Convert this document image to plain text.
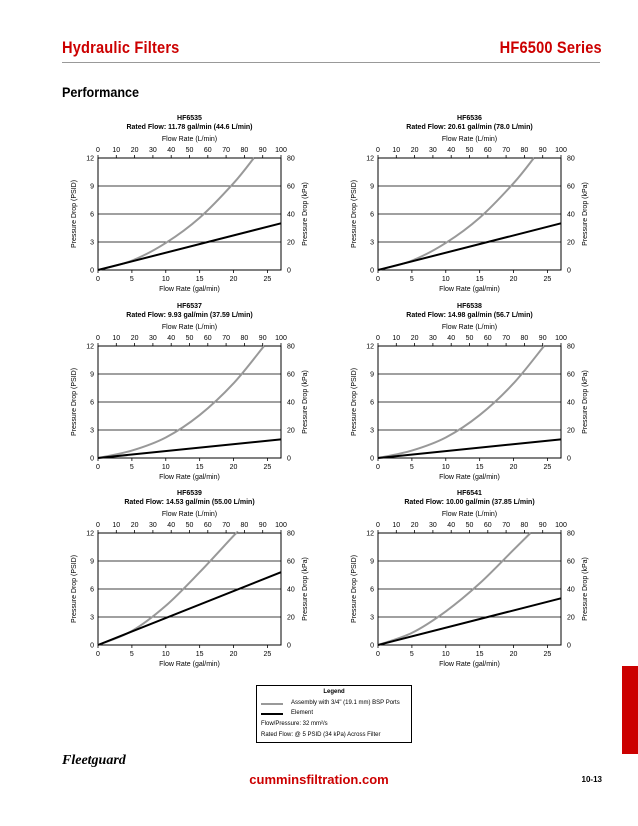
Hydraulic Filters	HF6500 Series
Performance
HF6535
Rated Flow: 11.78 gal/min (44.6 L/min)
Flow Rate (L/min)
0	5	10	15	20	25
0 10 20 30 40 50 60 70 80 90 100
0
3
6
9
12
0
20
40
60
80
Flow Rate (gal/min)
Pressure Drop (PSID)	Pressure Drop (kPa)
HF6536
Rated Flow: 20.61 gal/min (78.0 L/min)
Flow Rate (L/min)
0	5	10	15	20	25
0 10 20 30 40 50 60 70 80 90 100
0
3
6
9
12
0
20
40
60
80
Flow Rate (gal/min)
Pressure Drop (PSID)	Pressure Drop (kPa)
HF6537
Rated Flow: 9.93 gal/min (37.59 L/min)
Flow Rate (L/min)
0	5	10	15	20	25
0 10 20 30 40 50 60 70 80 90 100
0
3
6
9
12
0
20
40
60
80
Flow Rate (gal/min)
Pressure Drop (PSID)	Pressure Drop (kPa)
HF6538
Rated Flow: 14.98 gal/min (56.7 L/min)
Flow Rate (L/min)
0	5	10	15	20	25
0 10 20 30 40 50 60 70 80 90 100
0
3
6
9
12
0
20
40
60
80
Flow Rate (gal/min)
Pressure Drop (PSID)	Pressure Drop (kPa)
HF6539
Rated Flow: 14.53 gal/min (55.00 L/min)
Flow Rate (L/min)
0	5	10	15	20	25
0 10 20 30 40 50 60 70 80 90 100
0
3
6
9
12
0
20
40
60
80
Flow Rate (gal/min)
Pressure Drop (PSID)	Pressure Drop (kPa)
HF6541
Rated Flow: 10.00 gal/min (37.85 L/min)
Flow Rate (L/min)
0	5	10	15	20	25
0 10 20 30 40 50 60 70 80 90 100
0
3
6
9
12
0
20
40
60
80
Flow Rate (gal/min)
Pressure Drop (PSID)	Pressure Drop (kPa)
Legend
Assembly with 3/4" (19.1 mm) BSP Ports
Element
Flow/Pressure: 32 mm²/s
Rated Flow: @ 5 PSID (34 kPa) Across Filter
Fleetguard
cumminsfiltration.com	10-13
